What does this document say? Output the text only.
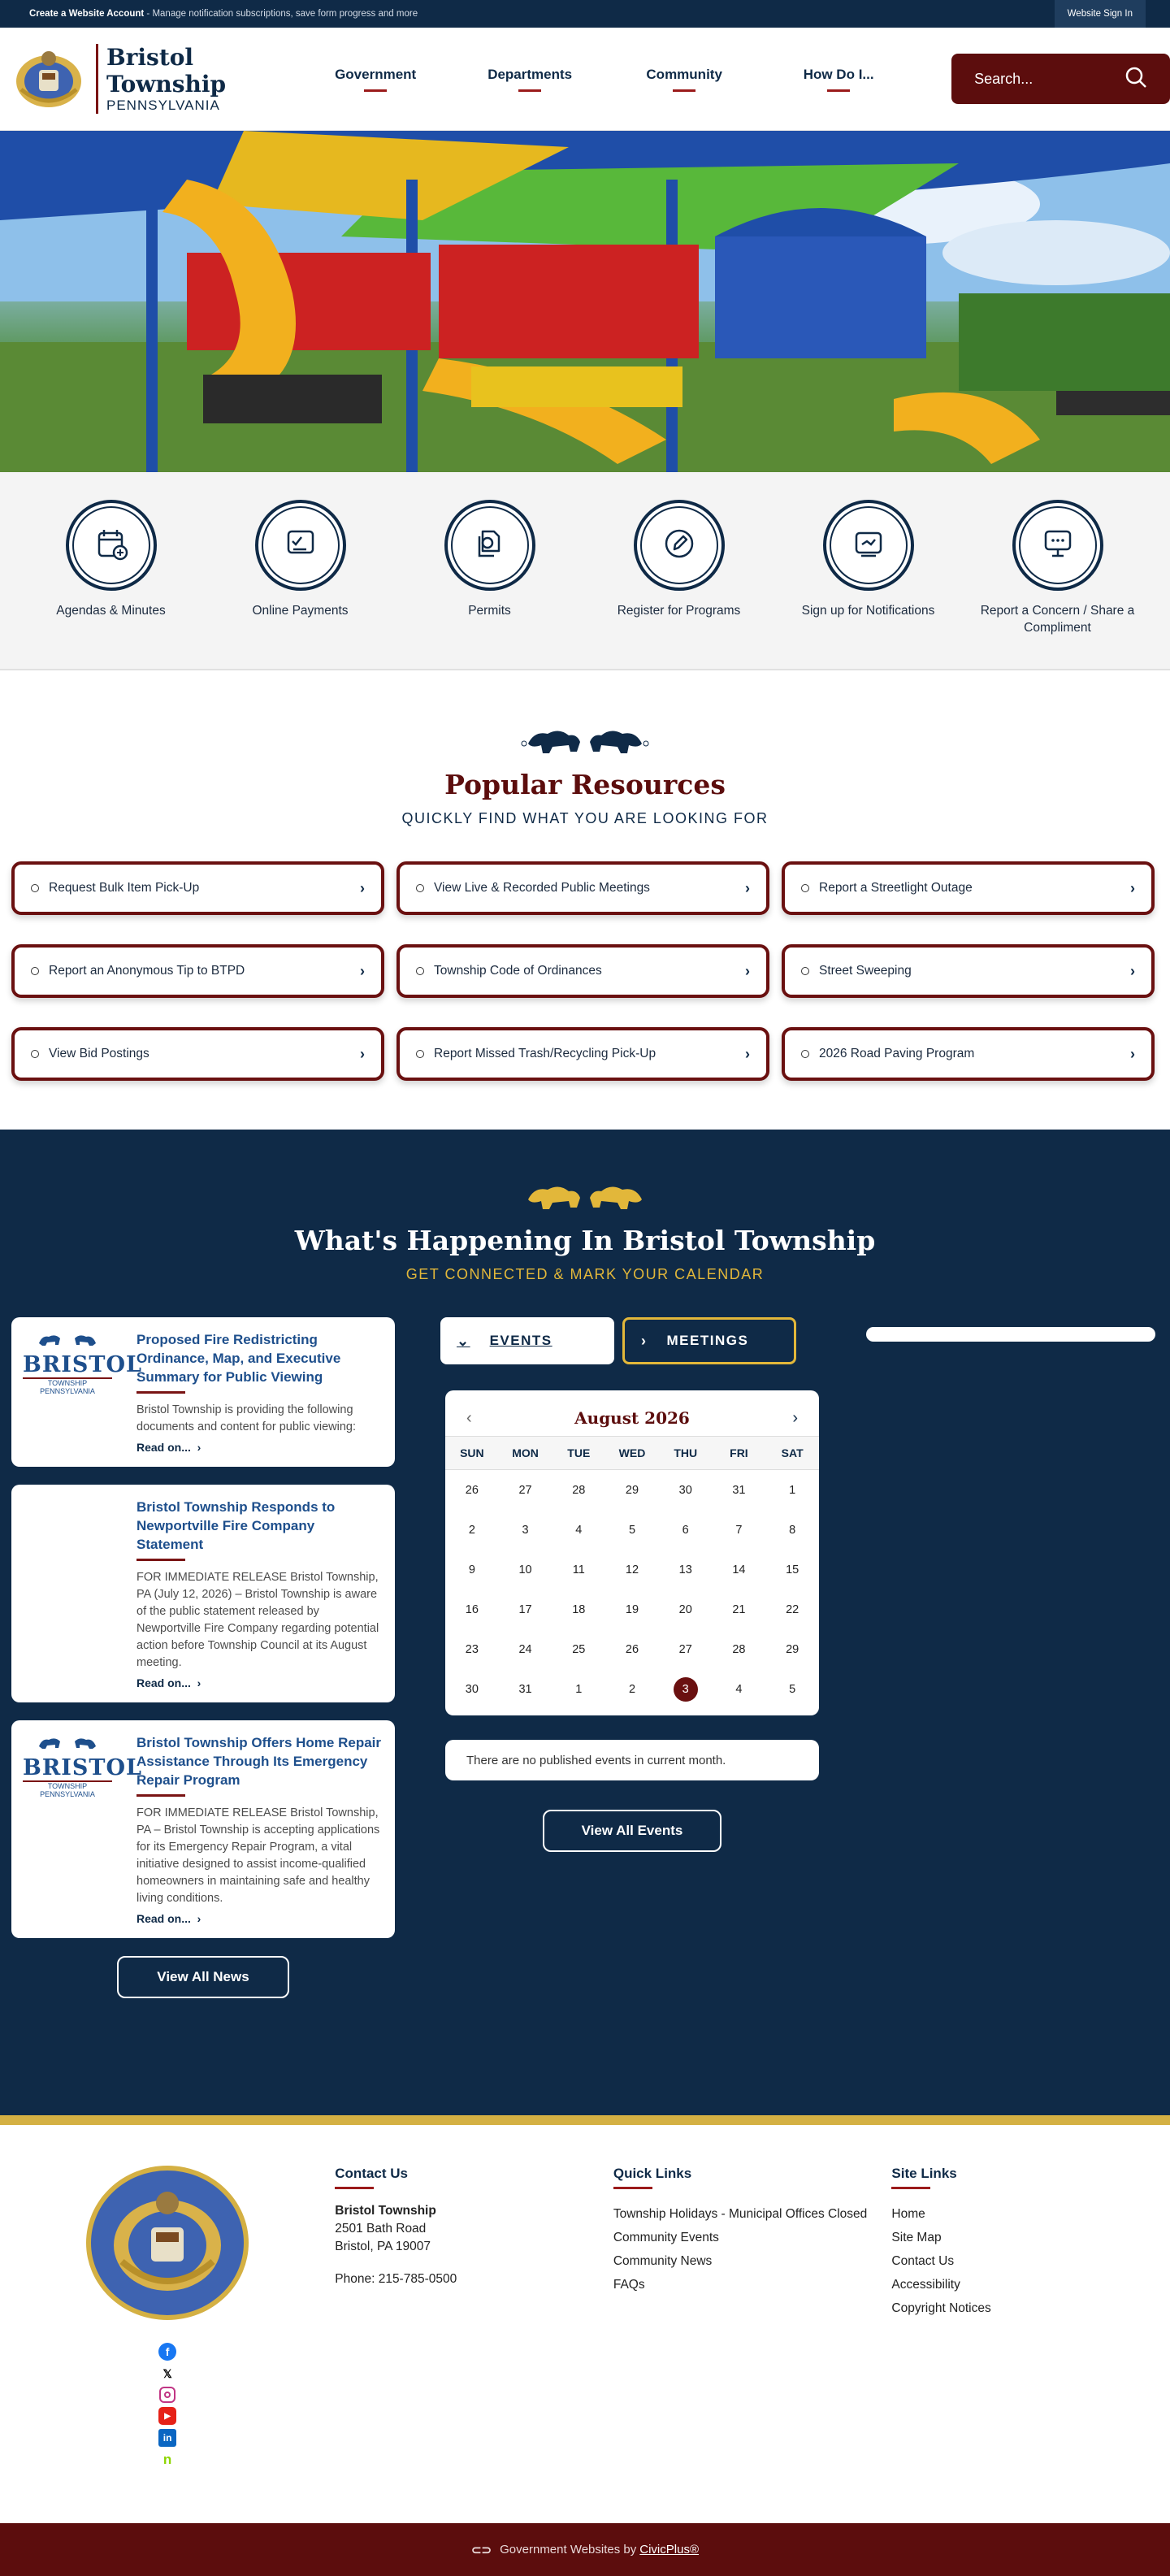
Create a Website Account - Manage notification subscriptions, save form progress and more	Website Sign In
Bristol Township
PENNSYLVANIA
Government	Departments	Community	How Do I...	Search...
Agendas & Minutes	Online Payments	Permits	Register for Programs	Sign up for Notifications	Report a Concern / Share a Compliment
Popular Resources
QUICKLY FIND WHAT YOU ARE LOOKING FOR
Request Bulk Item Pick-Up	›	View Live & Recorded Public Meetings	›	Report a Streetlight Outage	›
Report an Anonymous Tip to BTPD	›	Township Code of Ordinances	›	Street Sweeping	›
View Bid Postings	›	Report Missed Trash/Recycling Pick-Up	›	2026 Road Paving Program	›
What's Happening In Bristol Township
GET CONNECTED & MARK YOUR CALENDAR
BRISTOL
TOWNSHIP
PENNSYLVANIA
Proposed Fire Redistricting Ordinance, Map, and Executive Summary for Public Viewing
Bristol Township is providing the following documents and content for public viewing:
Read on...  ›
Bristol Township Responds to Newportville Fire Company Statement
FOR IMMEDIATE RELEASE Bristol Township, PA (July 12, 2026) – Bristol Township is aware of the public statement released by Newportville Fire Company regarding potential action before Township Council at its August meeting.
Read on...  ›
BRISTOL
TOWNSHIP
PENNSYLVANIA
Bristol Township Offers Home Repair Assistance Through Its Emergency Repair Program
FOR IMMEDIATE RELEASE Bristol Township, PA – Bristol Township is accepting applications for its Emergency Repair Program, a vital initiative designed to assist income-qualified homeowners in maintaining safe and healthy living conditions.
Read on...  ›
View All News
⌄ EVENTS	› MEETINGS
‹	August 2026	›
SUN	MON	TUE	WED	THU	FRI	SAT
26	27	28	29	30	31	1
2	3	4	5	6	7	8
9	10	11	12	13	14	15
16	17	18	19	20	21	22
23	24	25	26	27	28	29
30	31	1	2	3	4	5
There are no published events in current month.
View All Events
f
𝕏
▶
in
n
Contact Us
Bristol Township
2501 Bath Road
Bristol, PA 19007
Phone: 215-785-0500
Quick Links
Township Holidays - Municipal Offices Closed
Community Events
Community News
FAQs
Site Links
Home
Site Map
Contact Us
Accessibility
Copyright Notices
⊂⊃ Government Websites by CivicPlus®
